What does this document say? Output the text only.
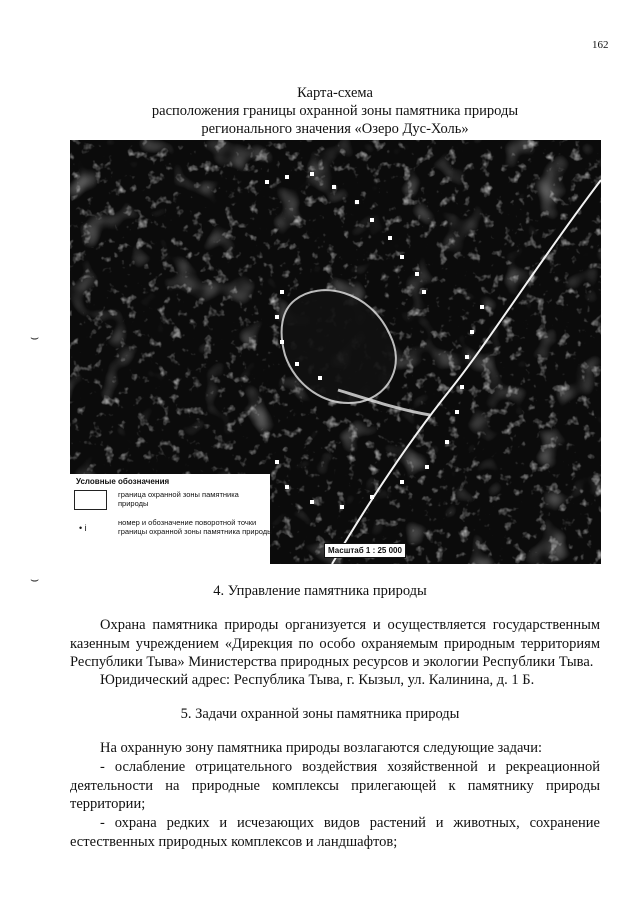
162
Карта-схема
расположения границы охранной зоны памятника природы
регионального значения «Озеро Дус-Холь»
⌣
⌣
Условные обозначения
граница охранной зоны памятника природы
• i
номер и обозначение поворотной точки границы охранной зоны памятника природы
Масштаб 1 : 25 000
4. Управление памятника природы
Охрана памятника природы организуется и осуществляется государственным казенным учреждением «Дирекция по особо охраняемым природным территориям Республики Тыва» Министерства природных ресурсов и экологии Республики Тыва.
Юридический адрес: Республика Тыва, г. Кызыл, ул. Калинина, д. 1 Б.
5. Задачи охранной зоны памятника природы
На охранную зону памятника природы возлагаются следующие задачи:
- ослабление отрицательного воздействия хозяйственной и рекреационной деятельности на природные комплексы прилегающей к памятнику природы территории;
- охрана редких и исчезающих видов растений и животных, сохранение естественных природных комплексов и ландшафтов;
